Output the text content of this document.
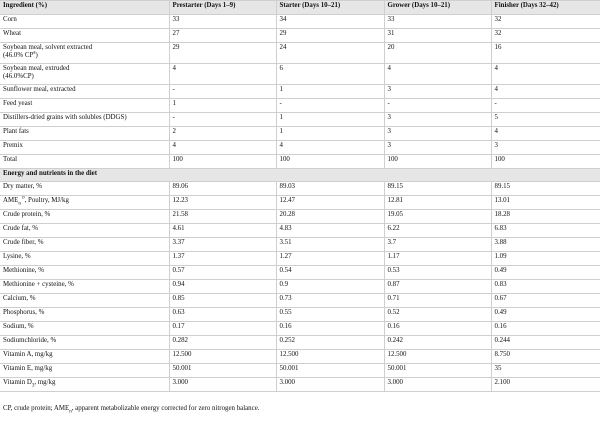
Ingredient (%)	Prestarter (Days 1–9)	Starter (Days 10–21)	Grower (Days 10–21)	Finisher (Days 32–42)
Corn	33	34	33	32
Wheat	27	29	31	32
Soybean meal, solvent extracted
(46.0% $CP^a$)	29	24	20	16
Soybean meal, extruded
(46.0%CP)	4	6	4	4
Sunflower meal, extracted	-	1	3	4
Feed yeast	1	-	-	-
Distillers-dried grains with solubles (DDGS)	-	1	3	5
Plant fats	2	1	3	4
Premix	4	4	3	3
Total	100	100	100	100
Energy and nutrients in the diet				
Dry matter, %	89.06	89.03	89.15	89.15
$AME_n$ $^b$, Poultry, MJ/kg	12.23	12.47	12.81	13.01
Crude protein, %	21.58	20.28	19.05	18.28
Crude fat, %	4.61	4.83	6.22	6.83
Crude fiber, %	3.37	3.51	3.7	3.88
Lysine, %	1.37	1.27	1.17	1.09
Methionine, %	0.57	0.54	0.53	0.49
Methionine + cysteine, %	0.94	0.9	0.87	0.83
Calcium, %	0.85	0.73	0.71	0.67
Phosphorus, %	0.63	0.55	0.52	0.49
Sodium, %	0.17	0.16	0.16	0.16
Sodiumchloride, %	0.282	0.252	0.242	0.244
Vitamin A, mg/kg	12.500	12.500	12.500	8.750
Vitamin E, mg/kg	50.001	50.001	50.001	35
Vitamin $D_3$, mg/kg	3.000	3.000	3.000	2.100
CP, crude protein; $AME_n$, apparent metabolizable energy corrected for zero nitrogen balance.
